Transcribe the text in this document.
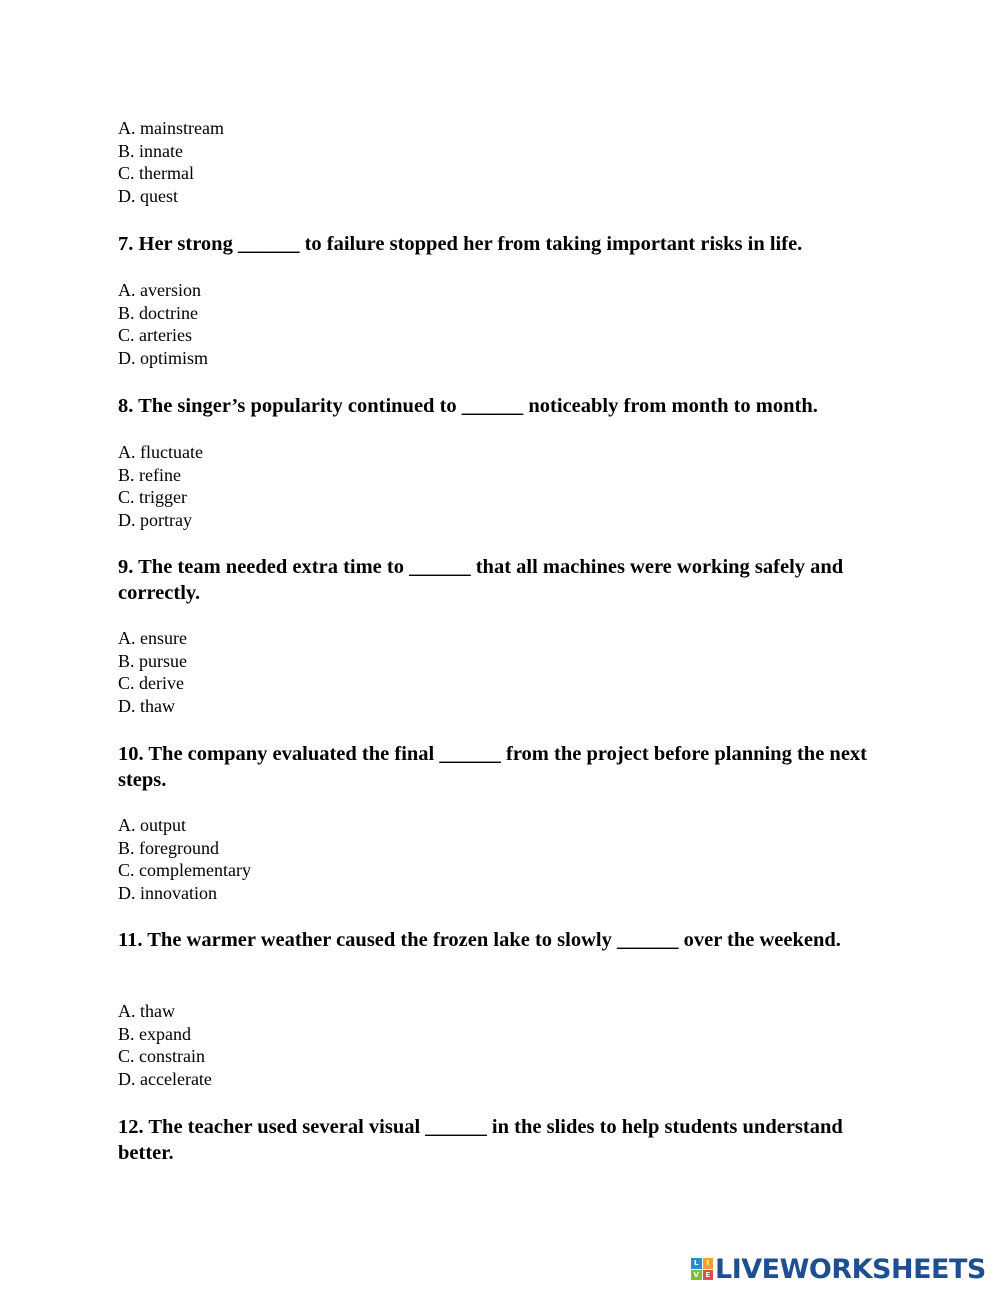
A. mainstream
B. innate
C. thermal
D. quest
7. Her strong ______ to failure stopped her from taking important risks in life.
A. aversion
B. doctrine
C. arteries
D. optimism
8. The singer’s popularity continued to ______ noticeably from month to month.
A. fluctuate
B. refine
C. trigger
D. portray
9. The team needed extra time to ______ that all machines were working safely and correctly.
A. ensure
B. pursue
C. derive
D. thaw
10. The company evaluated the final ______ from the project before planning the next steps.
A. output
B. foreground
C. complementary
D. innovation
11. The warmer weather caused the frozen lake to slowly ______ over the weekend.
A. thaw
B. expand
C. constrain
D. accelerate
12. The teacher used several visual ______ in the slides to help students understand better.
L	I
V E LIVEWORKSHEETS
